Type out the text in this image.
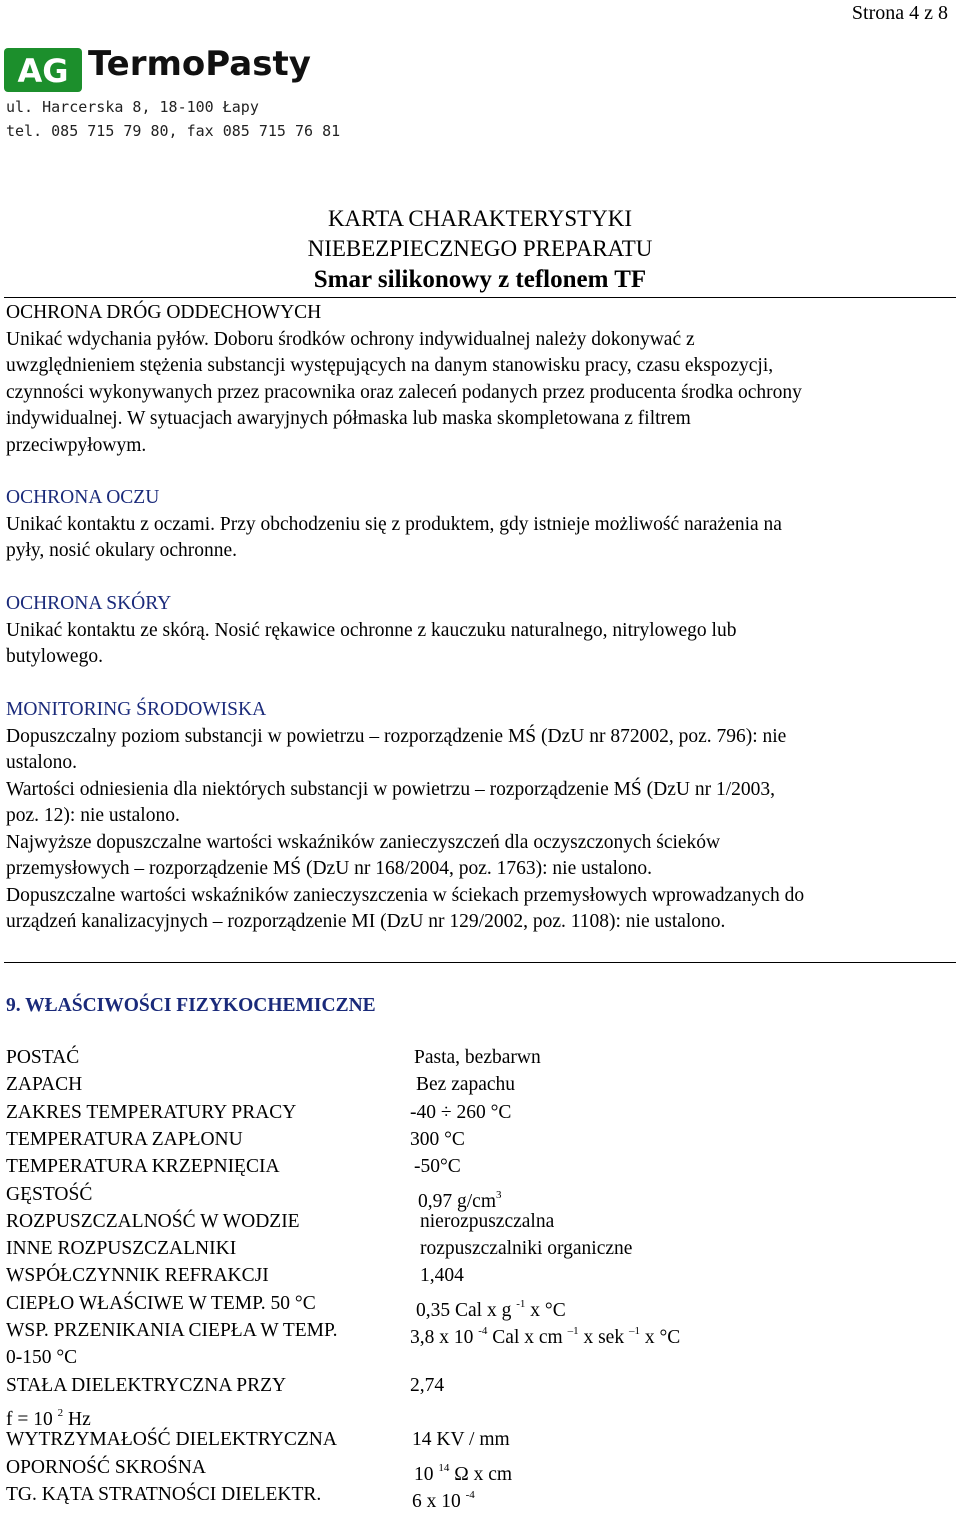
Strona 4 z 8
AG TermoPasty
ul. Harcerska 8, 18-100 Łapy
tel. 085 715 79 80, fax 085 715 76 81
KARTA CHARAKTERYSTYKI
NIEBEZPIECZNEGO PREPARATU
Smar silikonowy z teflonem TF
OCHRONA DRÓG ODDECHOWYCH
Unikać wdychania pyłów. Doboru środków ochrony indywidualnej należy dokonywać z
uwzględnieniem stężenia substancji występujących na danym stanowisku pracy, czasu ekspozycji,
czynności wykonywanych przez pracownika oraz zaleceń podanych przez producenta środka ochrony
indywidualnej. W sytuacjach awaryjnych półmaska lub maska skompletowana z filtrem
przeciwpyłowym.
OCHRONA OCZU
Unikać kontaktu z oczami. Przy obchodzeniu się z produktem, gdy istnieje możliwość narażenia na
pyły, nosić okulary ochronne.
OCHRONA SKÓRY
Unikać kontaktu ze skórą. Nosić rękawice ochronne z kauczuku naturalnego, nitrylowego lub
butylowego.
MONITORING ŚRODOWISKA
Dopuszczalny poziom substancji w powietrzu – rozporządzenie MŚ (DzU nr 872002, poz. 796): nie
ustalono.
Wartości odniesienia dla niektórych substancji w powietrzu – rozporządzenie MŚ (DzU nr 1/2003,
poz. 12): nie ustalono.
Najwyższe dopuszczalne wartości wskaźników zanieczyszczeń dla oczyszczonych ścieków
przemysłowych – rozporządzenie MŚ (DzU nr 168/2004, poz. 1763): nie ustalono.
Dopuszczalne wartości wskaźników zanieczyszczenia w ściekach przemysłowych wprowadzanych do
urządzeń kanalizacyjnych – rozporządzenie MI (DzU nr 129/2002, poz. 1108): nie ustalono.
9. WŁAŚCIWOŚCI FIZYKOCHEMICZNE
POSTAĆ	Pasta, bezbarwn
ZAPACH	Bez zapachu
ZAKRES TEMPERATURY PRACY	-40 ÷ 260 °C
TEMPERATURA ZAPŁONU	300 °C
TEMPERATURA KRZEPNIĘCIA	-50°C
GĘSTOŚĆ	0,97 $g/cm^3$
ROZPUSZCZALNOŚĆ W WODZIE	nierozpuszczalna
INNE ROZPUSZCZALNIKI	rozpuszczalniki organiczne
WSPÓŁCZYNNIK REFRAKCJI	1,404
CIEPŁO WŁAŚCIWE W TEMP. 50 °C	0,35 Cal x g $^{-1}$ x °C
WSP. PRZENIKANIA CIEPŁA W TEMP.	3,8 x 10 $^{-4}$ Cal x cm $^{-1}$ x sek $^{-1}$ x °C
0-150 °C
STAŁA DIELEKTRYCZNA PRZY	2,74
f = 10 $^2$ Hz
WYTRZYMAŁOŚĆ DIELEKTRYCZNA	14 KV / mm
OPORNOŚĆ SKROŚNA	10 $^{14}$ Ω x cm
TG. KĄTA STRATNOŚCI DIELEKTR.	6 x 10 $^{-4}$
